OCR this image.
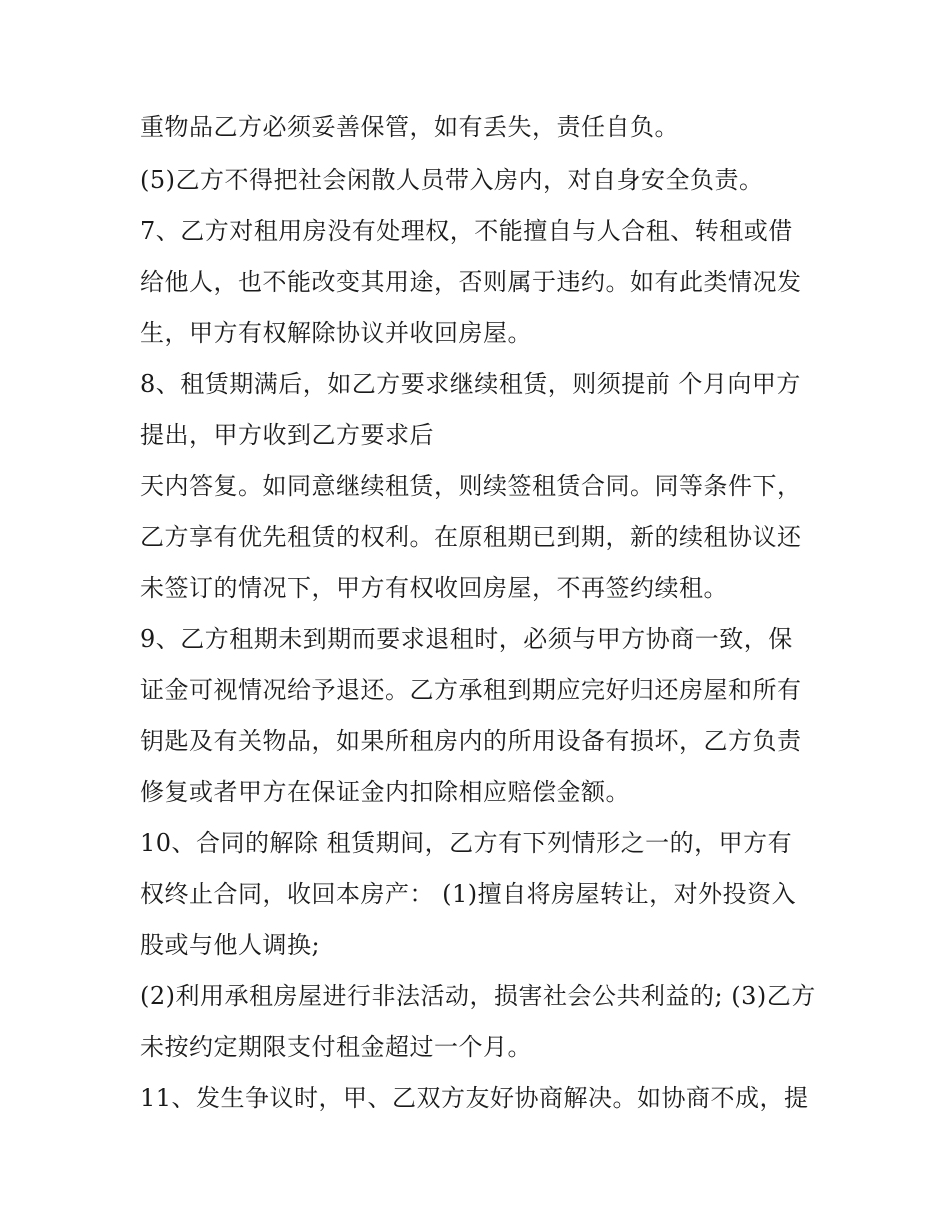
重物品乙方必须妥善保管，如有丢失，责任自负。
(5)乙方不得把社会闲散人员带入房内，对自身安全负责。
7、乙方对租用房没有处理权，不能擅自与人合租、转租或借
给他人，也不能改变其用途，否则属于违约。如有此类情况发
生，甲方有权解除协议并收回房屋。
8、租赁期满后，如乙方要求继续租赁，则须提前 个月向甲方
提出，甲方收到乙方要求后
天内答复。如同意继续租赁，则续签租赁合同。同等条件下，
乙方享有优先租赁的权利。在原租期已到期，新的续租协议还
未签订的情况下，甲方有权收回房屋，不再签约续租。
9、乙方租期未到期而要求退租时，必须与甲方协商一致，保
证金可视情况给予退还。乙方承租到期应完好归还房屋和所有
钥匙及有关物品，如果所租房内的所用设备有损坏，乙方负责
修复或者甲方在保证金内扣除相应赔偿金额。
10、合同的解除 租赁期间，乙方有下列情形之一的，甲方有
权终止合同，收回本房产： (1)擅自将房屋转让，对外投资入
股或与他人调换;
(2)利用承租房屋进行非法活动，损害社会公共利益的; (3)乙方
未按约定期限支付租金超过一个月。
11、发生争议时，甲、乙双方友好协商解决。如协商不成，提
